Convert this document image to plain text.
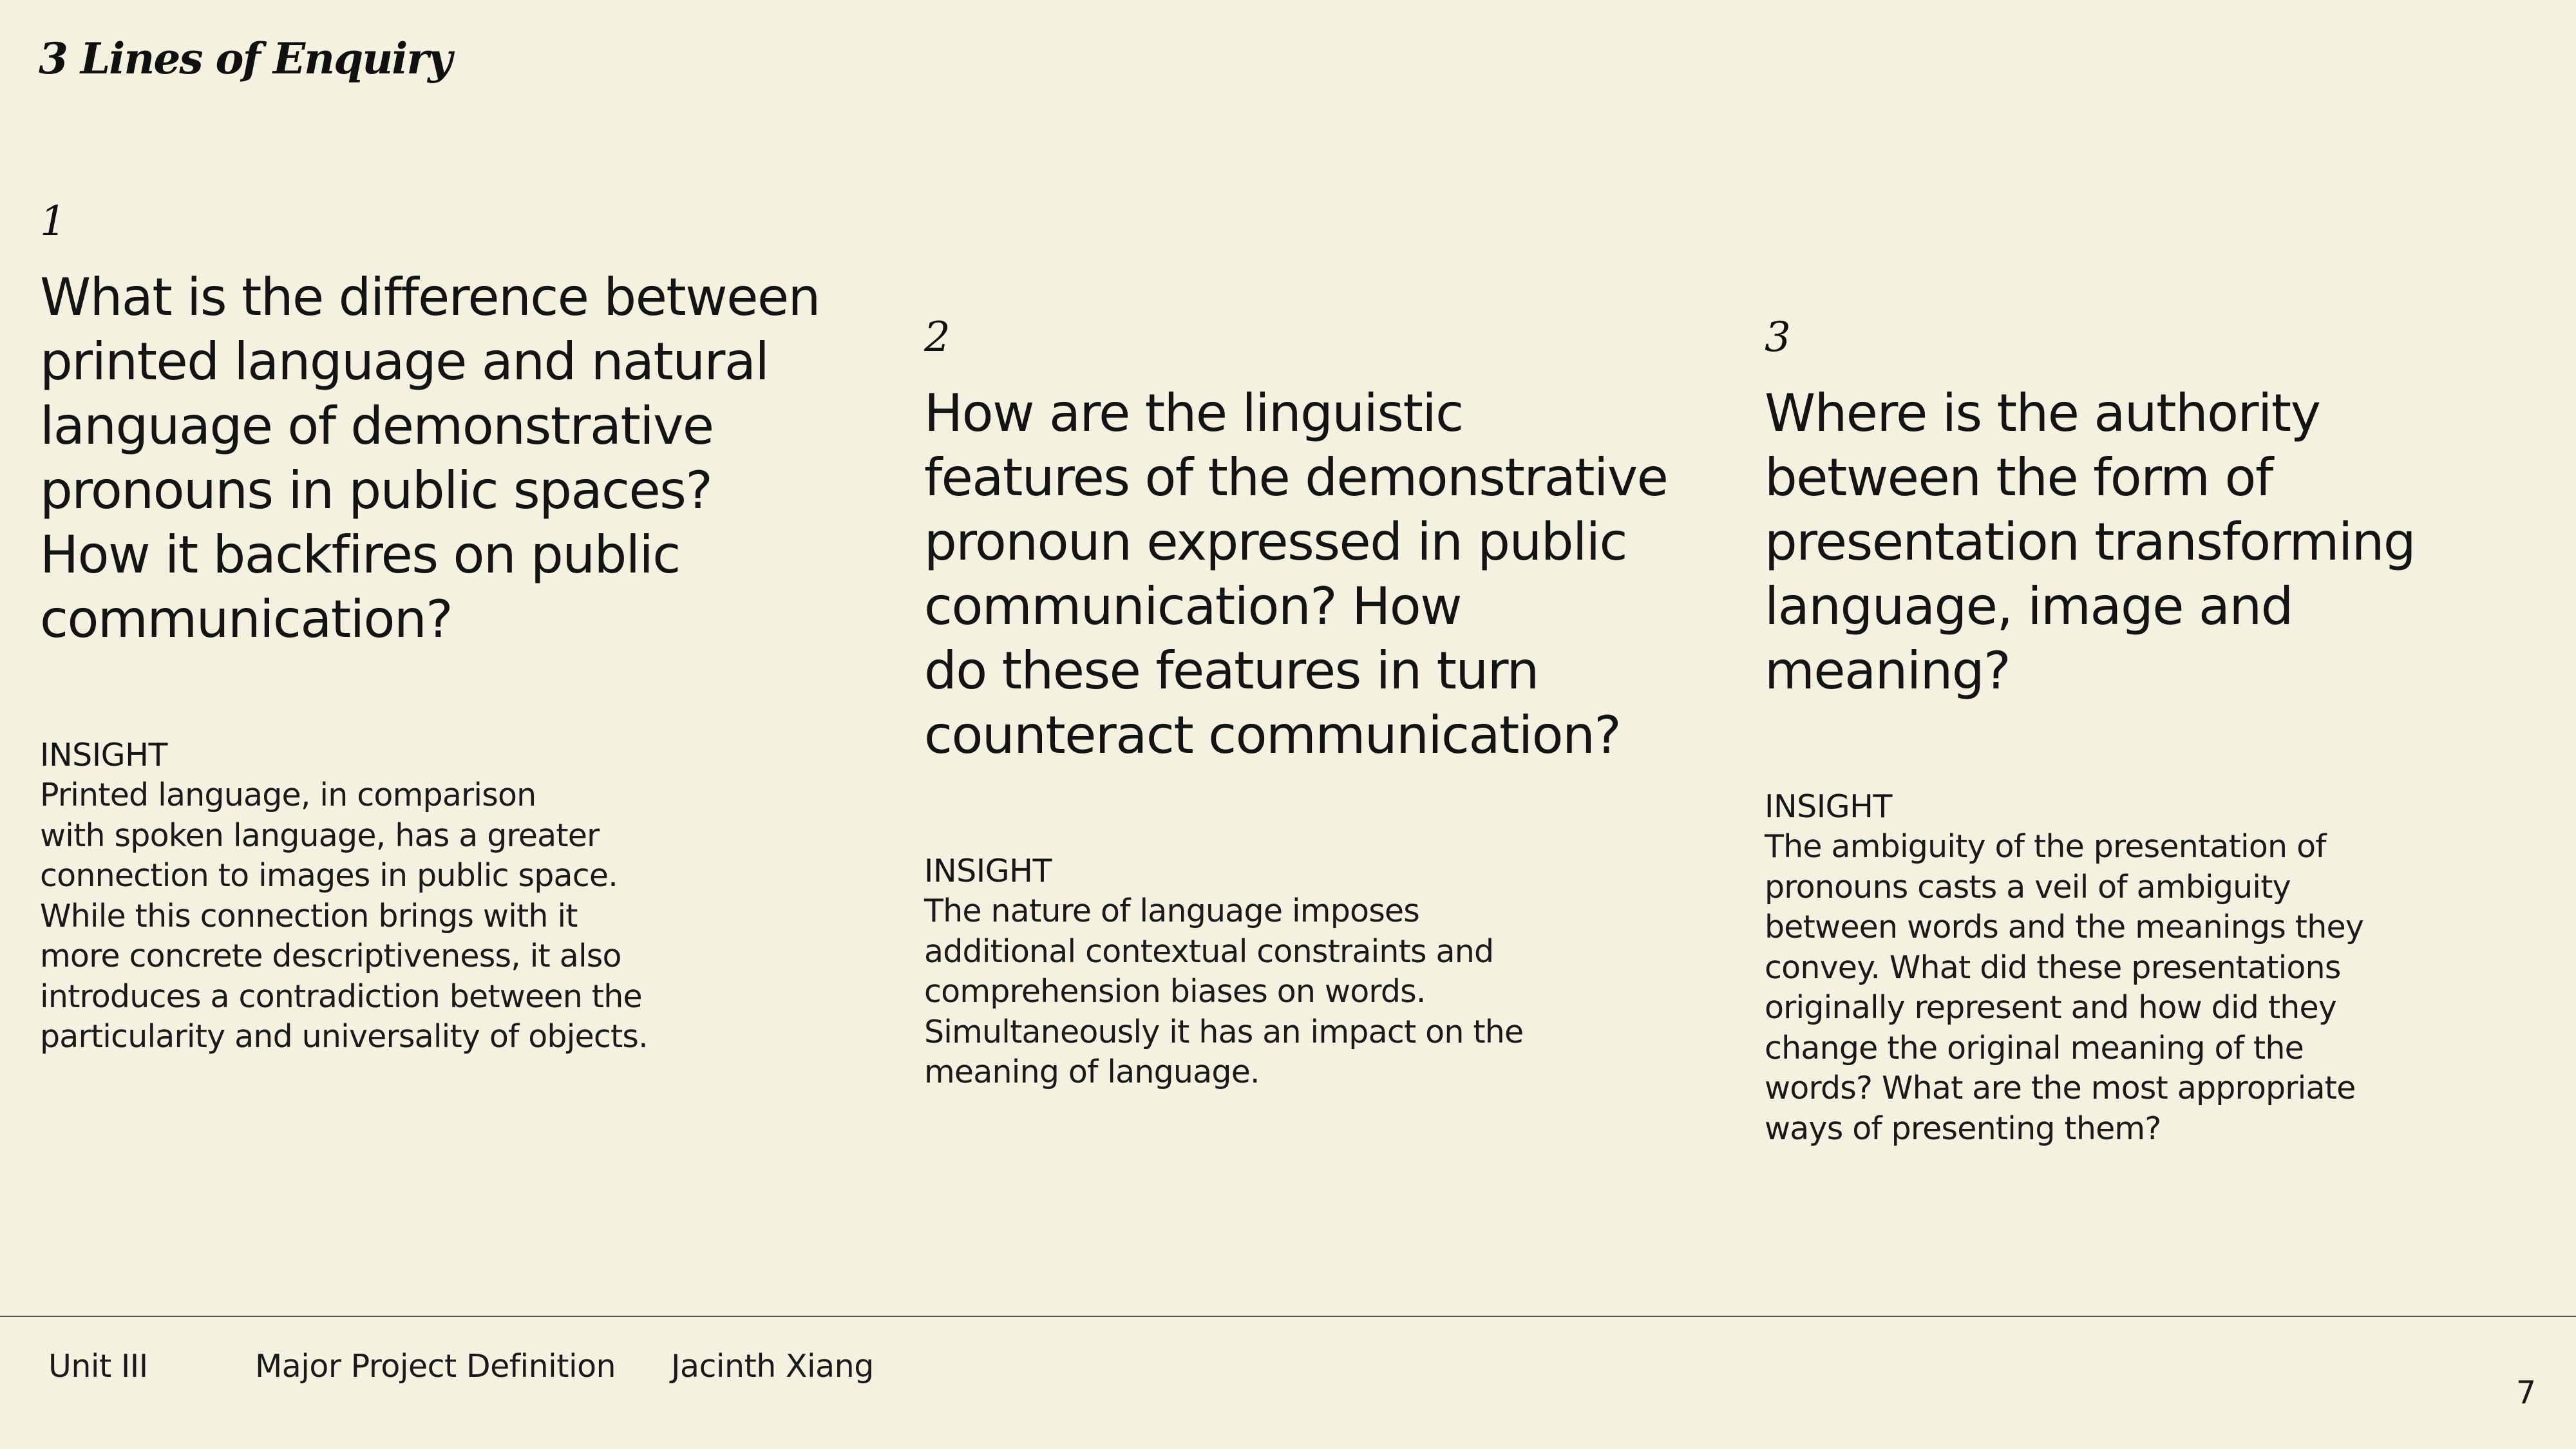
3 Lines of Enquiry
1
What is the difference between
printed language and natural
language of demonstrative
pronouns in public spaces?
How it backfires on public
communication?
INSIGHT

Printed language, in comparison
with spoken language, has a greater
connection to images in public space.
While this connection brings with it
more concrete descriptiveness, it also
introduces a contradiction between the
particularity and universality of objects.

2
How are the linguistic
features of the demonstrative
pronoun expressed in public
communication? How
do these features in turn
counteract communication?
INSIGHT

The nature of language imposes
additional contextual constraints and
comprehension biases on words.
Simultaneously it has an impact on the
meaning of language.

3
Where is the authority
between the form of
presentation transforming
language, image and
meaning?
INSIGHT

The ambiguity of the presentation of
pronouns casts a veil of ambiguity
between words and the meanings they
convey. What did these presentations
originally represent and how did they
change the original meaning of the
words? What are the most appropriate
ways of presenting them?

Unit III	Major Project Definition Jacinth Xiang
7
